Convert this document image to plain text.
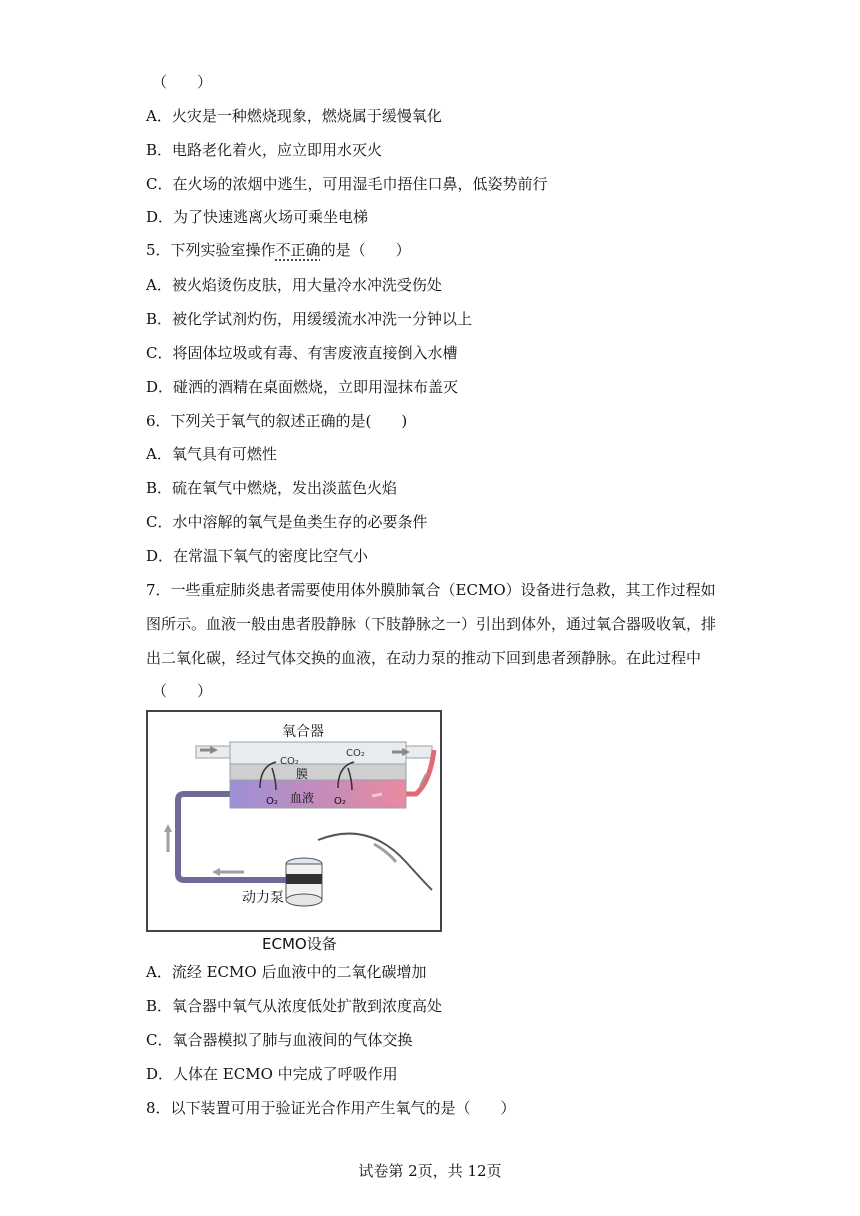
（　　）
A．火灾是一种燃烧现象，燃烧属于缓慢氧化
B．电路老化着火，应立即用水灭火
C．在火场的浓烟中逃生，可用湿毛巾捂住口鼻，低姿势前行
D．为了快速逃离火场可乘坐电梯
5．下列实验室操作不正确的是（　　）
A．被火焰烫伤皮肤，用大量冷水冲洗受伤处
B．被化学试剂灼伤，用缓缓流水冲洗一分钟以上
C．将固体垃圾或有毒、有害废液直接倒入水槽
D．碰洒的酒精在桌面燃烧，立即用湿抹布盖灭
6．下列关于氧气的叙述正确的是(　　)
A．氧气具有可燃性
B．硫在氧气中燃烧，发出淡蓝色火焰
C．水中溶解的氧气是鱼类生存的必要条件
D．在常温下氧气的密度比空气小
7．一些重症肺炎患者需要使用体外膜肺氧合（ECMO）设备进行急救，其工作过程如图所示。血液一般由患者股静脉（下肢静脉之一）引出到体外，通过氧合器吸收氧，排出二氧化碳，经过气体交换的血液，在动力泵的推动下回到患者颈静脉。在此过程中
（　　）
氧合器
CO₂
CO₂
膜
O₂	O₂
血液
动力泵
ECMO设备
A．流经 ECMO 后血液中的二氧化碳增加
B．氧合器中氧气从浓度低处扩散到浓度高处
C．氧合器模拟了肺与血液间的气体交换
D．人体在 ECMO 中完成了呼吸作用
8．以下装置可用于验证光合作用产生氧气的是（　　）
试卷第 2页，共 12页
